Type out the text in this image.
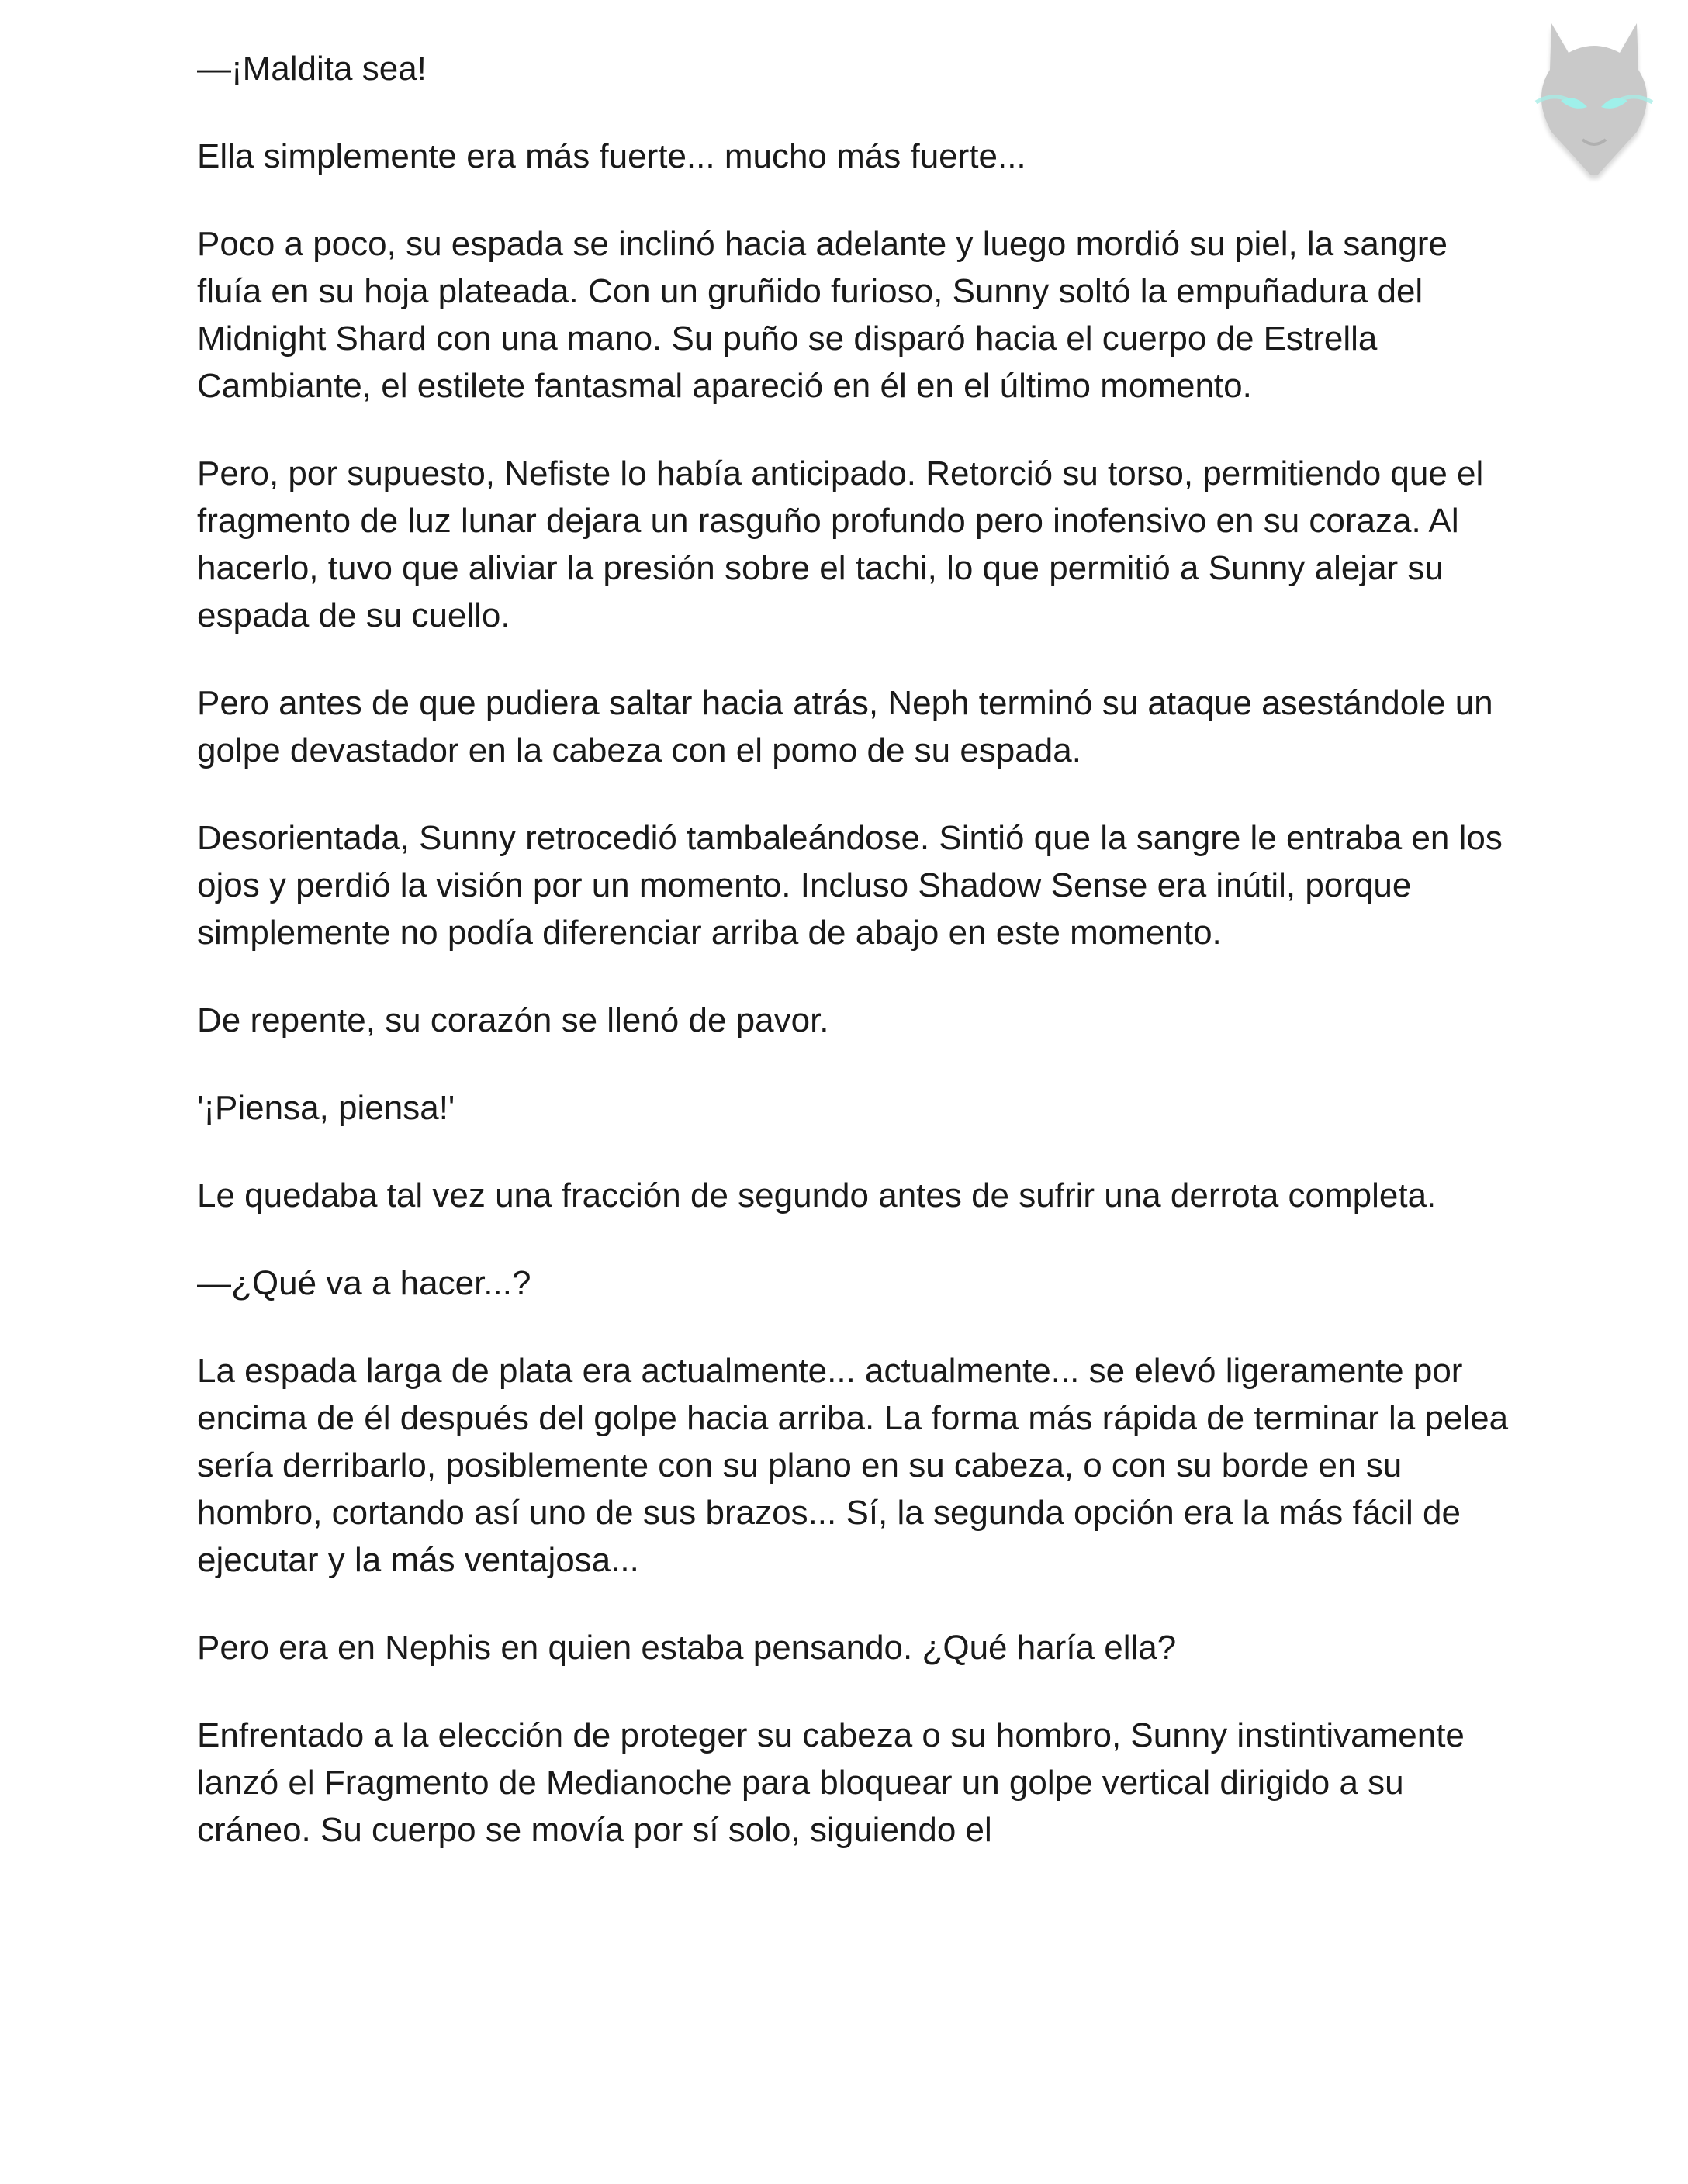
—¡Maldita sea!

Ella simplemente era más fuerte... mucho más fuerte...

Poco a poco, su espada se inclinó hacia adelante y luego mordió su piel, la sangre fluía en su hoja plateada. Con un gruñido furioso, Sunny soltó la empuñadura del Midnight Shard con una mano. Su puño se disparó hacia el cuerpo de Estrella Cambiante, el estilete fantasmal apareció en él en el último momento.

Pero, por supuesto, Nefiste lo había anticipado. Retorció su torso, permitiendo que el fragmento de luz lunar dejara un rasguño profundo pero inofensivo en su coraza. Al hacerlo, tuvo que aliviar la presión sobre el tachi, lo que permitió a Sunny alejar su espada de su cuello.

Pero antes de que pudiera saltar hacia atrás, Neph terminó su ataque asestándole un golpe devastador en la cabeza con el pomo de su espada.

Desorientada, Sunny retrocedió tambaleándose. Sintió que la sangre le entraba en los ojos y perdió la visión por un momento. Incluso Shadow Sense era inútil, porque simplemente no podía diferenciar arriba de abajo en este momento.

De repente, su corazón se llenó de pavor.

'¡Piensa, piensa!'

Le quedaba tal vez una fracción de segundo antes de sufrir una derrota completa.

—¿Qué va a hacer...?

La espada larga de plata era actualmente... actualmente... se elevó ligeramente por encima de él después del golpe hacia arriba. La forma más rápida de terminar la pelea sería derribarlo, posiblemente con su plano en su cabeza, o con su borde en su hombro, cortando así uno de sus brazos... Sí, la segunda opción era la más fácil de ejecutar y la más ventajosa...

Pero era en Nephis en quien estaba pensando. ¿Qué haría ella?

Enfrentado a la elección de proteger su cabeza o su hombro, Sunny instintivamente lanzó el Fragmento de Medianoche para bloquear un golpe vertical dirigido a su cráneo. Su cuerpo se movía por sí solo, siguiendo el
